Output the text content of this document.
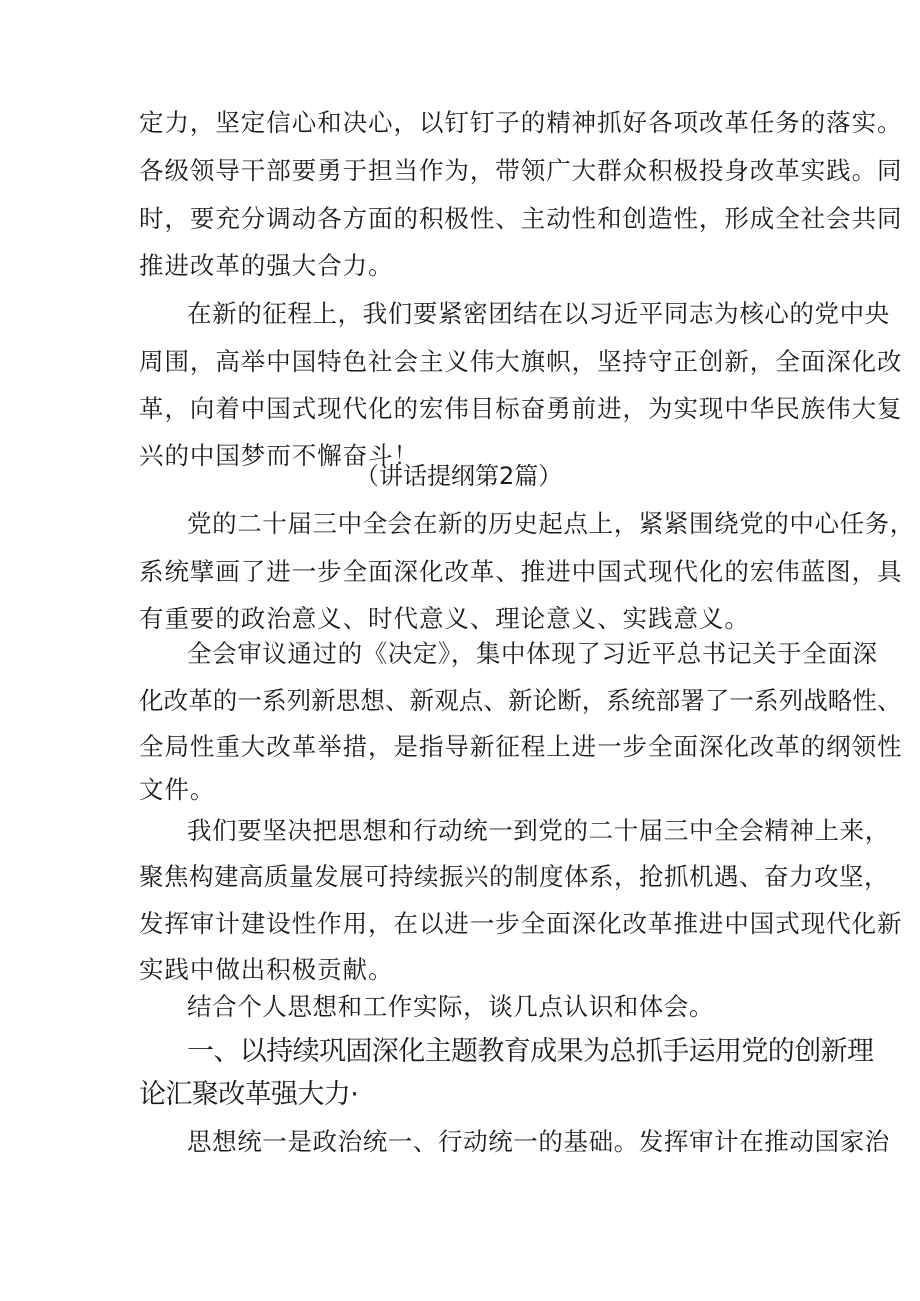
定力，坚定信心和决心，以钉钉子的精神抓好各项改革任务的落实。
各级领导干部要勇于担当作为，带领广大群众积极投身改革实践。同
时，要充分调动各方面的积极性、主动性和创造性，形成全社会共同
推进改革的强大合力。
在新的征程上，我们要紧密团结在以习近平同志为核心的党中央
周围，高举中国特色社会主义伟大旗帜，坚持守正创新，全面深化改
革，向着中国式现代化的宏伟目标奋勇前进，为实现中华民族伟大复
兴的中国梦而不懈奋斗！
（讲话提纲第2篇）
党的二十届三中全会在新的历史起点上，紧紧围绕党的中心任务，
系统擘画了进一步全面深化改革、推进中国式现代化的宏伟蓝图，具
有重要的政治意义、时代意义、理论意义、实践意义。
全会审议通过的《决定》，集中体现了习近平总书记关于全面深
化改革的一系列新思想、新观点、新论断，系统部署了一系列战略性、
全局性重大改革举措，是指导新征程上进一步全面深化改革的纲领性
文件。
我们要坚决把思想和行动统一到党的二十届三中全会精神上来，
聚焦构建高质量发展可持续振兴的制度体系，抢抓机遇、奋力攻坚，
发挥审计建设性作用，在以进一步全面深化改革推进中国式现代化新
实践中做出积极贡献。
结合个人思想和工作实际，谈几点认识和体会。
一、以持续巩固深化主题教育成果为总抓手运用党的创新理
论汇聚改革强大力·
思想统一是政治统一、行动统一的基础。发挥审计在推动国家治
